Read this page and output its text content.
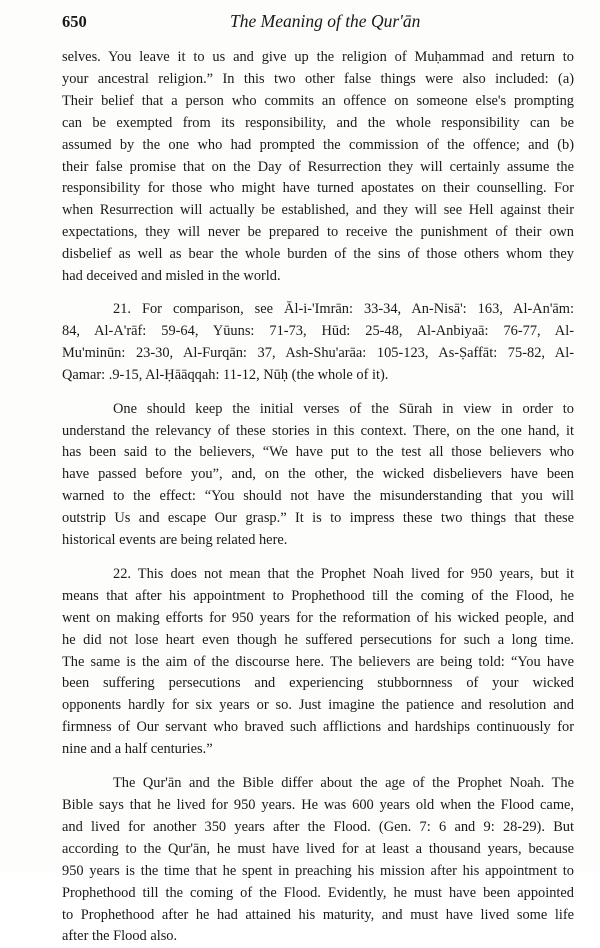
650	The Meaning of the Qur'ān

selves. You leave it to us and give up the religion of Muḥammad and return to

your ancestral religion.” In this two other false things were also included: (a)

Their belief that a person who commits an offence on someone else's prompting

can be exempted from its responsibility, and the whole responsibility can be

assumed by the one who had prompted the commission of the offence; and (b)

their false promise that on the Day of Resurrection they will certainly assume the

responsibility for those who might have turned apostates on their counselling. For

when Resurrection will actually be established, and they will see Hell against their

expectations, they will never be prepared to receive the punishment of their own

disbelief as well as bear the whole burden of the sins of those others whom they

had deceived and misled in the world.

21. For comparison, see Āl-i-'Imrān: 33-34, An-Nisā': 163, Al-An'ām:

84, Al-A'rāf: 59-64, Yūuns: 71-73, Hūd: 25-48, Al-Anbiyaā: 76-77, Al-

Mu'minūn: 23-30, Al-Furqān: 37, Ash-Shu'arāa: 105-123, As-Ṣaffāt: 75-82, Al-

Qamar: .9-15, Al-Ḥāāqqah: 11-12, Nūḥ (the whole of it).

One should keep the initial verses of the Sūrah in view in order to

understand the relevancy of these stories in this context. There, on the one hand, it

has been said to the believers, “We have put to the test all those believers who

have passed before you”, and, on the other, the wicked disbelievers have been

warned to the effect: “You should not have the misunderstanding that you will

outstrip Us and escape Our grasp.” It is to impress these two things that these

historical events are being related here.

22. This does not mean that the Prophet Noah lived for 950 years, but it

means that after his appointment to Prophethood till the coming of the Flood, he

went on making efforts for 950 years for the reformation of his wicked people, and

he did not lose heart even though he suffered persecutions for such a long time.

The same is the aim of the discourse here. The believers are being told: “You have

been suffering persecutions and experiencing stubbornness of your wicked

opponents hardly for six years or so. Just imagine the patience and resolution and

firmness of Our servant who braved such afflictions and hardships continuously for

nine and a half centuries.”

The Qur'ān and the Bible differ about the age of the Prophet Noah. The

Bible says that he lived for 950 years. He was 600 years old when the Flood came,

and lived for another 350 years after the Flood. (Gen. 7: 6 and 9: 28-29). But

according to the Qur'ān, he must have lived for at least a thousand years, because

950 years is the time that he spent in preaching his mission after his appointment to

Prophethood till the coming of the Flood. Evidently, he must have been appointed

to Prophethood after he had attained his maturity, and must have lived some life

after the Flood also.
